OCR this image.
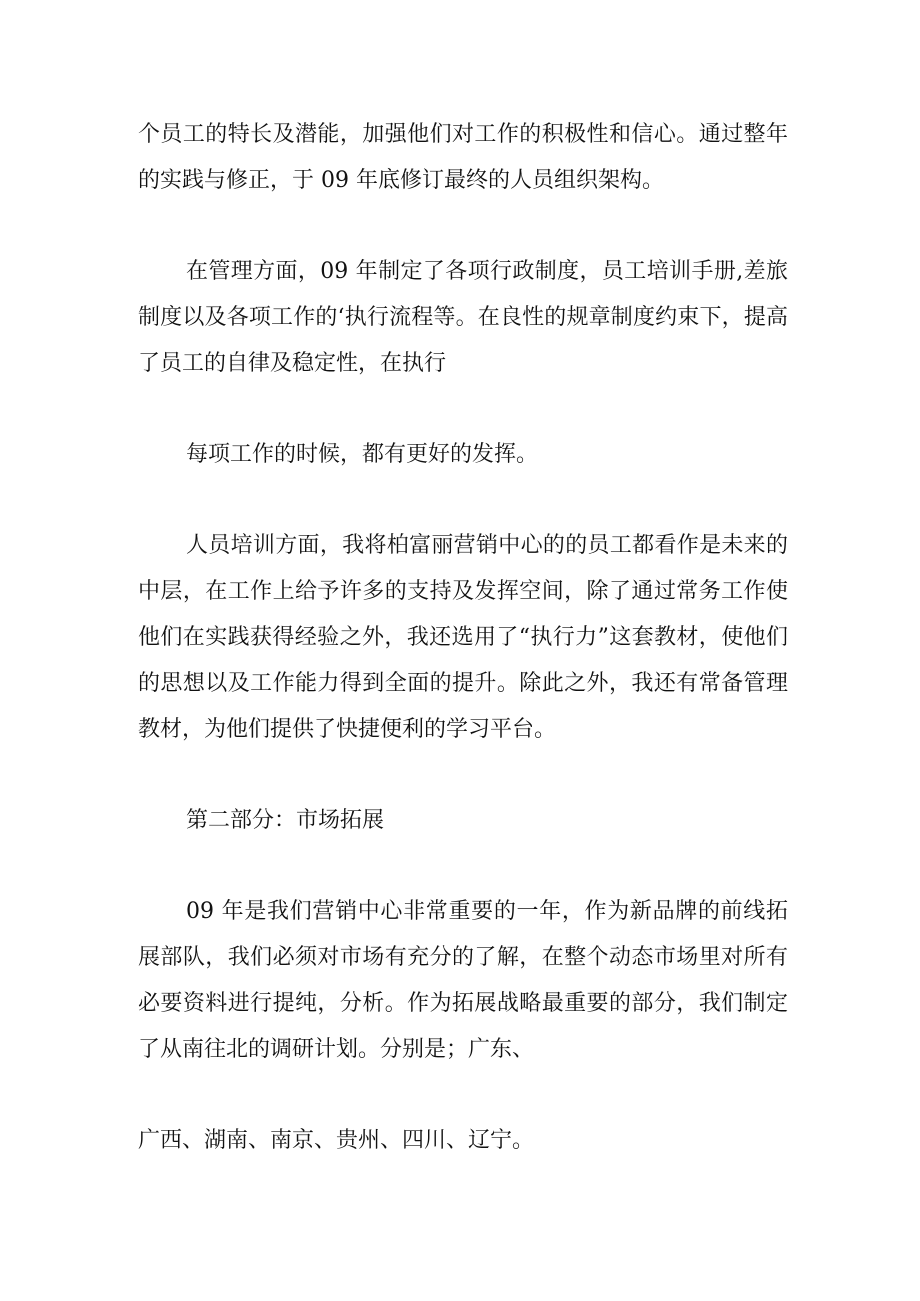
个员工的特长及潜能，加强他们对工作的积极性和信心。通过整年的实践与修正，于 09 年底修订最终的人员组织架构。

在管理方面，09 年制定了各项行政制度，员工培训手册,差旅制度以及各项工作的‘执行流程等。在良性的规章制度约束下，提高了员工的自律及稳定性，在执行

每项工作的时候，都有更好的发挥。

人员培训方面，我将柏富丽营销中心的的员工都看作是未来的中层，在工作上给予许多的支持及发挥空间，除了通过常务工作使他们在实践获得经验之外，我还选用了“执行力”这套教材，使他们的思想以及工作能力得到全面的提升。除此之外，我还有常备管理教材，为他们提供了快捷便利的学习平台。

第二部分：市场拓展

09 年是我们营销中心非常重要的一年，作为新品牌的前线拓展部队，我们必须对市场有充分的了解，在整个动态市场里对所有必要资料进行提纯，分析。作为拓展战略最重要的部分，我们制定了从南往北的调研计划。分别是；广东、

广西、湖南、南京、贵州、四川、辽宁。
